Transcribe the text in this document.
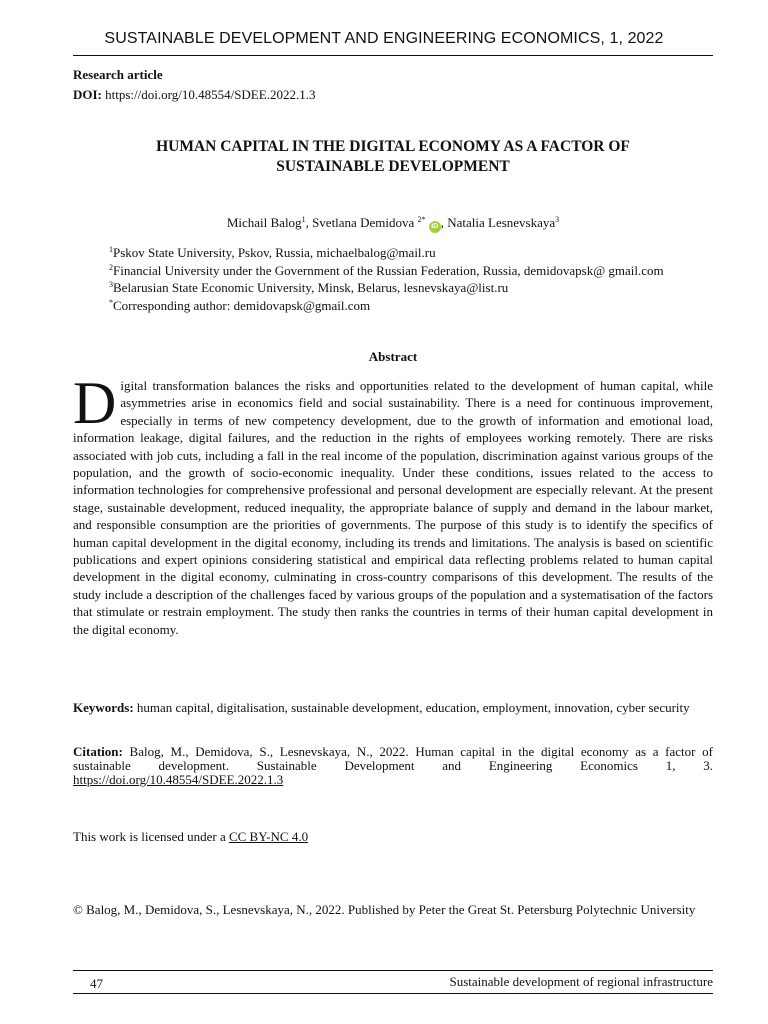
SUSTAINABLE DEVELOPMENT AND ENGINEERING ECONOMICS, 1, 2022
Research article
DOI: https://doi.org/10.48554/SDEE.2022.1.3
HUMAN CAPITAL IN THE DIGITAL ECONOMY AS A FACTOR OF
SUSTAINABLE DEVELOPMENT
Michail Balog$^1$, Svetlana Demidova $^{2*}$ iD , Natalia Lesnevskaya$^3$
$^1$Pskov State University, Pskov, Russia, michaelbalog@mail.ru
$^2$Financial University under the Government of the Russian Federation, Russia, demidovapsk@ gmail.com
$^3$Belarusian State Economic University, Minsk, Belarus, lesnevskaya@list.ru
*Corresponding author: demidovapsk@gmail.com
Abstract
Digital transformation balances the risks and opportunities related to the development of human capital, while asymmetries arise in economics field and social sustainability. There is a need for continuous improvement, especially in terms of new competency development, due to the growth of information and emotional load, information leakage, digital failures, and the reduction in the rights of employees working remotely. There are risks associated with job cuts, including a fall in the real income of the population, discrimination against various groups of the population, and the growth of socio-economic inequality. Under these conditions, issues related to the access to information technologies for comprehensive professional and personal development are especially relevant. At the present stage, sustainable development, reduced inequality, the appropriate balance of supply and demand in the labour market, and responsible consumption are the priorities of governments. The purpose of this study is to identify the specifics of human capital development in the digital economy, including its trends and limitations. The analysis is based on scientific publications and expert opinions considering statistical and empirical data reflecting problems related to human capital development in the digital economy, culminating in cross-country comparisons of this development. The results of the study include a description of the challenges faced by various groups of the population and a systematisation of the factors that stimulate or restrain employment. The study then ranks the countries in terms of their human capital development in the digital economy.
Keywords: human capital, digitalisation, sustainable development, education, employment, innovation, cyber security
Citation: Balog, M., Demidova, S., Lesnevskaya, N., 2022. Human capital in the digital economy as a factor of sustainable development. Sustainable Development and Engineering Economics 1, 3. https://doi.org/10.48554/SDEE.2022.1.3
This work is licensed under a CC BY-NC 4.0
© Balog, M., Demidova, S., Lesnevskaya, N., 2022. Published by Peter the Great St. Petersburg Polytechnic University
47	Sustainable development of regional infrastructure
